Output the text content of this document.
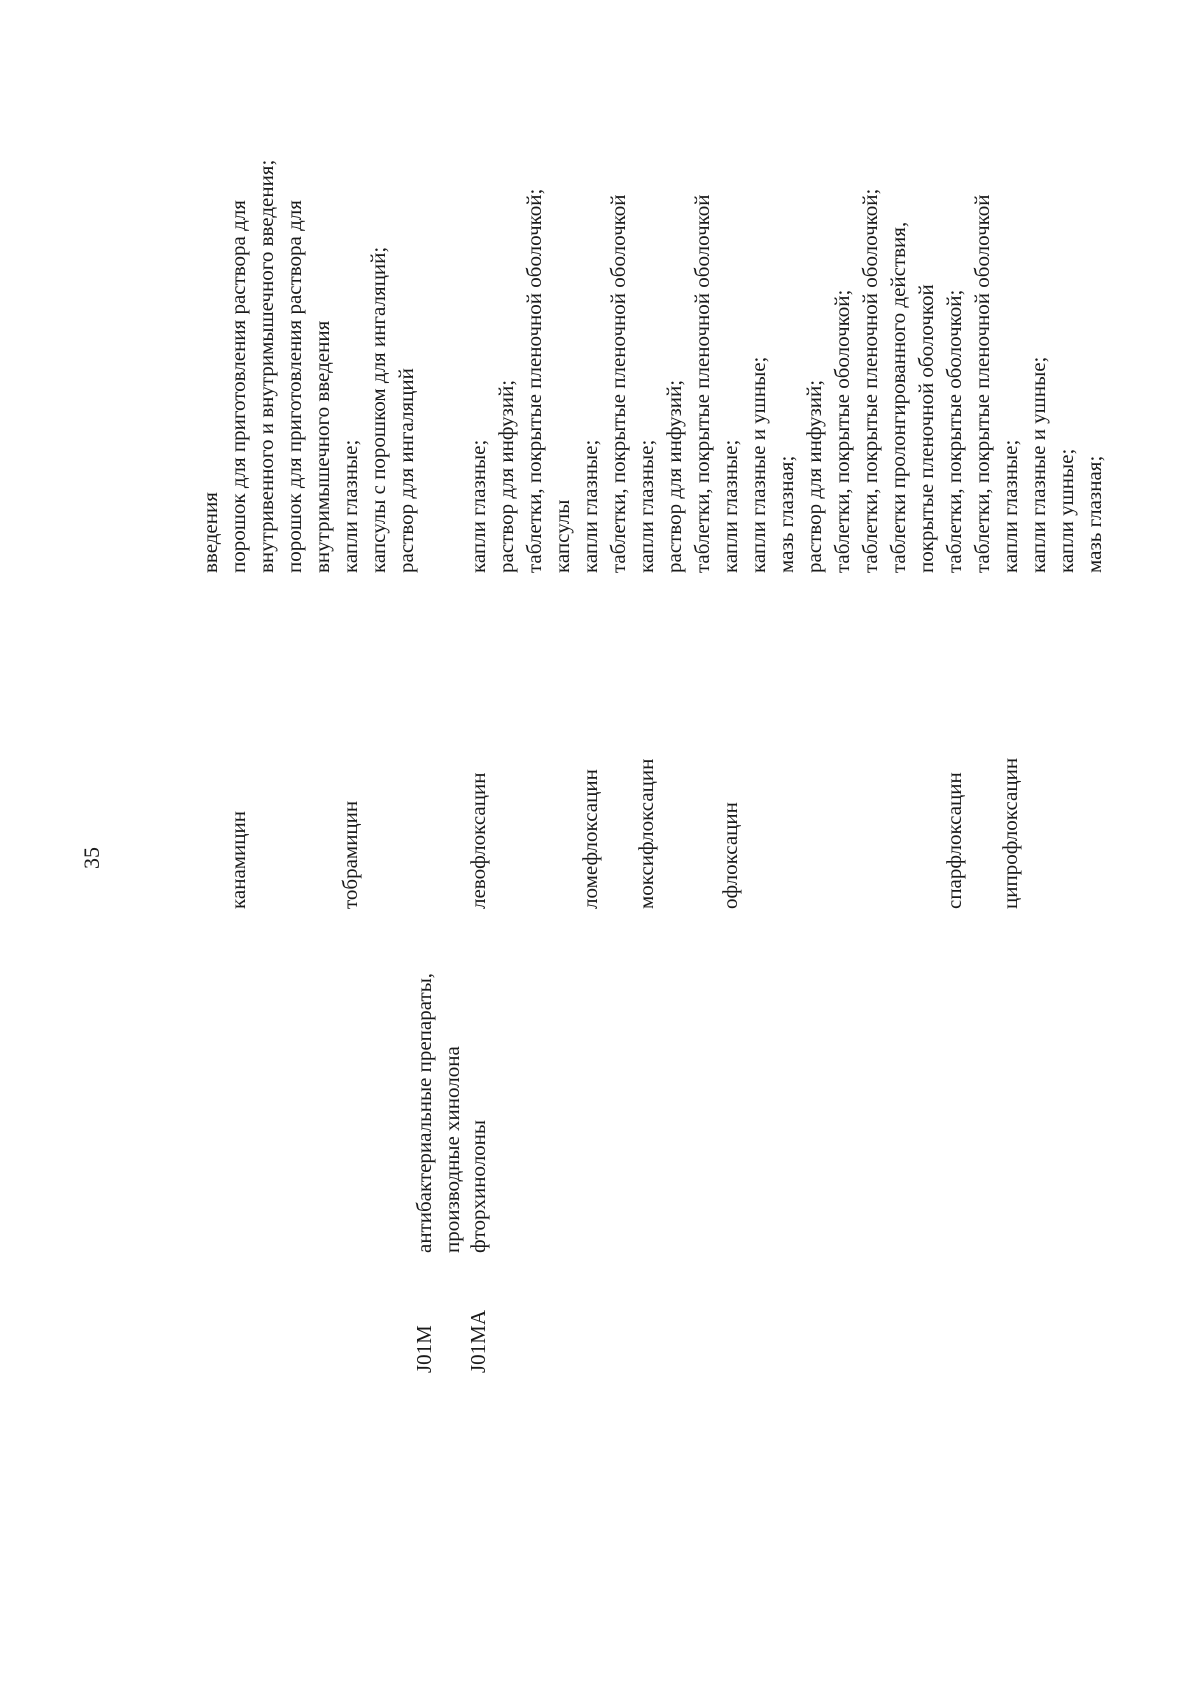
35
введения
канамицин
порошок для приготовления раствора для внутривенного и внутримышечного введения; порошок для приготовления раствора для внутримышечного введения
тобрамицин
капли глазные; капсулы с порошком для ингаляций; раствор для ингаляций
J01M
антибактериальные препараты, производные хинолона
J01MA
фторхинолоны
левофлоксацин
капли глазные; раствор для инфузий; таблетки, покрытые пленочной оболочкой; капсулы
ломефлоксацин
капли глазные; таблетки, покрытые пленочной оболочкой
моксифлоксацин
капли глазные; раствор для инфузий; таблетки, покрытые пленочной оболочкой
офлоксацин
капли глазные; капли глазные и ушные; мазь глазная; раствор для инфузий; таблетки, покрытые оболочкой; таблетки, покрытые пленочной оболочкой; таблетки пролонгированного действия, покрытые пленочной оболочкой
спарфлоксацин
таблетки, покрытые оболочкой; таблетки, покрытые пленочной оболочкой
ципрофлоксацин
капли глазные; капли глазные и ушные; капли ушные; мазь глазная;
